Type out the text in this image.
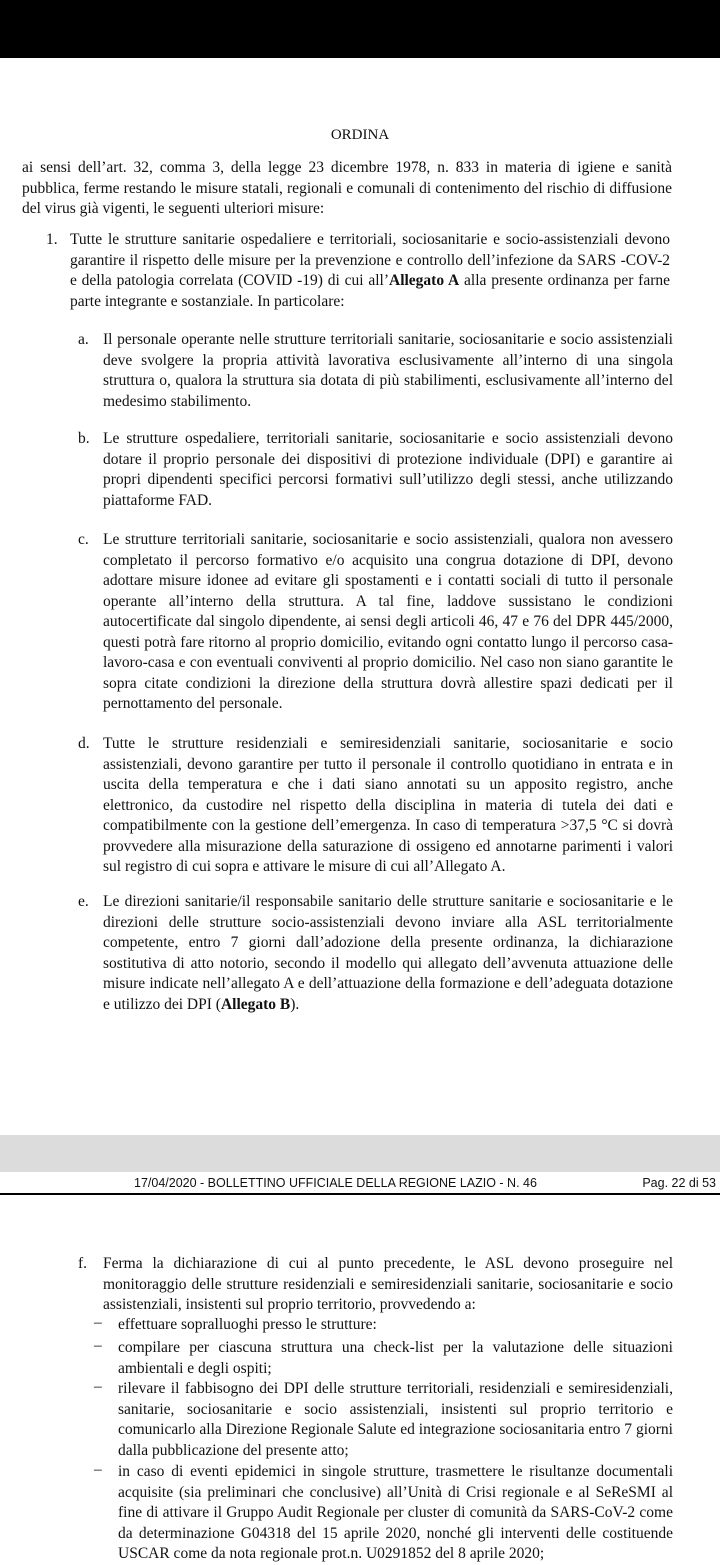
ORDINA
ai sensi dell’art. 32, comma 3, della legge 23 dicembre 1978, n. 833 in materia di igiene e sanità pubblica, ferme restando le misure statali, regionali e comunali di contenimento del rischio di diffusione del virus già vigenti, le seguenti ulteriori misure:
1. Tutte le strutture sanitarie ospedaliere e territoriali, sociosanitarie e socio-assistenziali devono garantire il rispetto delle misure per la prevenzione e controllo dell’infezione da SARS -COV-2 e della patologia correlata (COVID -19) di cui all’Allegato A alla presente ordinanza per farne parte integrante e sostanziale. In particolare:
a. Il personale operante nelle strutture territoriali sanitarie, sociosanitarie e socio assistenziali deve svolgere la propria attività lavorativa esclusivamente all’interno di una singola struttura o, qualora la struttura sia dotata di più stabilimenti, esclusivamente all’interno del medesimo stabilimento.
b. Le strutture ospedaliere, territoriali sanitarie, sociosanitarie e socio assistenziali devono dotare il proprio personale dei dispositivi di protezione individuale (DPI) e garantire ai propri dipendenti specifici percorsi formativi sull’utilizzo degli stessi, anche utilizzando piattaforme FAD.
c. Le strutture territoriali sanitarie, sociosanitarie e socio assistenziali, qualora non avessero completato il percorso formativo e/o acquisito una congrua dotazione di DPI, devono adottare misure idonee ad evitare gli spostamenti e i contatti sociali di tutto il personale operante all’interno della struttura. A tal fine, laddove sussistano le condizioni autocertificate dal singolo dipendente, ai sensi degli articoli 46, 47 e 76 del DPR 445/2000, questi potrà fare ritorno al proprio domicilio, evitando ogni contatto lungo il percorso casa-lavoro-casa e con eventuali conviventi al proprio domicilio. Nel caso non siano garantite le sopra citate condizioni la direzione della struttura dovrà allestire spazi dedicati per il pernottamento del personale.
d. Tutte le strutture residenziali e semiresidenziali sanitarie, sociosanitarie e socio assistenziali, devono garantire per tutto il personale il controllo quotidiano in entrata e in uscita della temperatura e che i dati siano annotati su un apposito registro, anche elettronico, da custodire nel rispetto della disciplina in materia di tutela dei dati e compatibilmente con la gestione dell’emergenza. In caso di temperatura >37,5 °C si dovrà provvedere alla misurazione della saturazione di ossigeno ed annotarne parimenti i valori sul registro di cui sopra e attivare le misure di cui all’Allegato A.
e. Le direzioni sanitarie/il responsabile sanitario delle strutture sanitarie e sociosanitarie e le direzioni delle strutture socio-assistenziali devono inviare alla ASL territorialmente competente, entro 7 giorni dall’adozione della presente ordinanza, la dichiarazione sostitutiva di atto notorio, secondo il modello qui allegato dell’avvenuta attuazione delle misure indicate nell’allegato A e dell’attuazione della formazione e dell’adeguata dotazione e utilizzo dei DPI (Allegato B).
17/04/2020 - BOLLETTINO UFFICIALE DELLA REGIONE LAZIO - N. 46	Pag. 22 di 53
f. Ferma la dichiarazione di cui al punto precedente, le ASL devono proseguire nel monitoraggio delle strutture residenziali e semiresidenziali sanitarie, sociosanitarie e socio assistenziali, insistenti sul proprio territorio, provvedendo a:
– effettuare sopralluoghi presso le strutture:
– compilare per ciascuna struttura una check-list per la valutazione delle situazioni ambientali e degli ospiti;
– rilevare il fabbisogno dei DPI delle strutture territoriali, residenziali e semiresidenziali, sanitarie, sociosanitarie e socio assistenziali, insistenti sul proprio territorio e comunicarlo alla Direzione Regionale Salute ed integrazione sociosanitaria entro 7 giorni dalla pubblicazione del presente atto;
– in caso di eventi epidemici in singole strutture, trasmettere le risultanze documentali acquisite (sia preliminari che conclusive) all’Unità di Crisi regionale e al SeReSMI al fine di attivare il Gruppo Audit Regionale per cluster di comunità da SARS-CoV-2 come da determinazione G04318 del 15 aprile 2020, nonché gli interventi delle costituende USCAR come da nota regionale prot.n. U0291852 del 8 aprile 2020;
